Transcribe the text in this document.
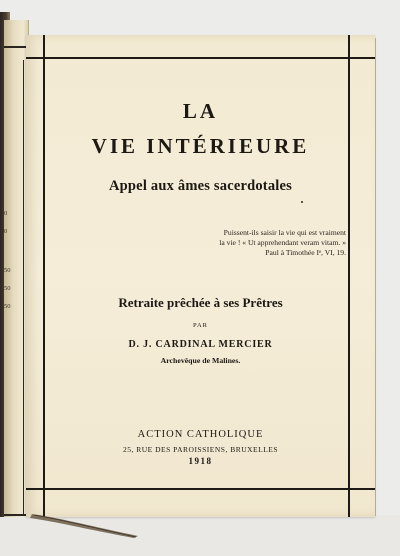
0
0
50
50
50
LA
VIE INTÉRIEURE
Appel aux âmes sacerdotales
Puissent-ils saisir la vie qui est vraiment
la vie ! « Ut apprehendant veram vitam. »
Paul à Timothée Iᵉ, VI, 19.
Retraite prêchée à ses Prêtres
PAR
D. J. CARDINAL MERCIER
Archevêque de Malines.
ACTION CATHOLIQUE
25, RUE DES PAROISSIENS, BRUXELLES
1918
